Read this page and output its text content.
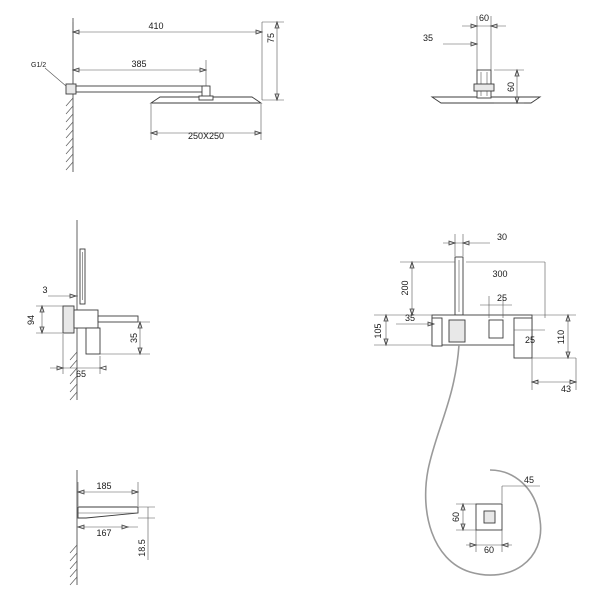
G1/2
410
385
75
250X250
60
35
60
3
94
65
35
30
300
200
25
105
35
25 110
43
185
167
18.5
45
60
60
